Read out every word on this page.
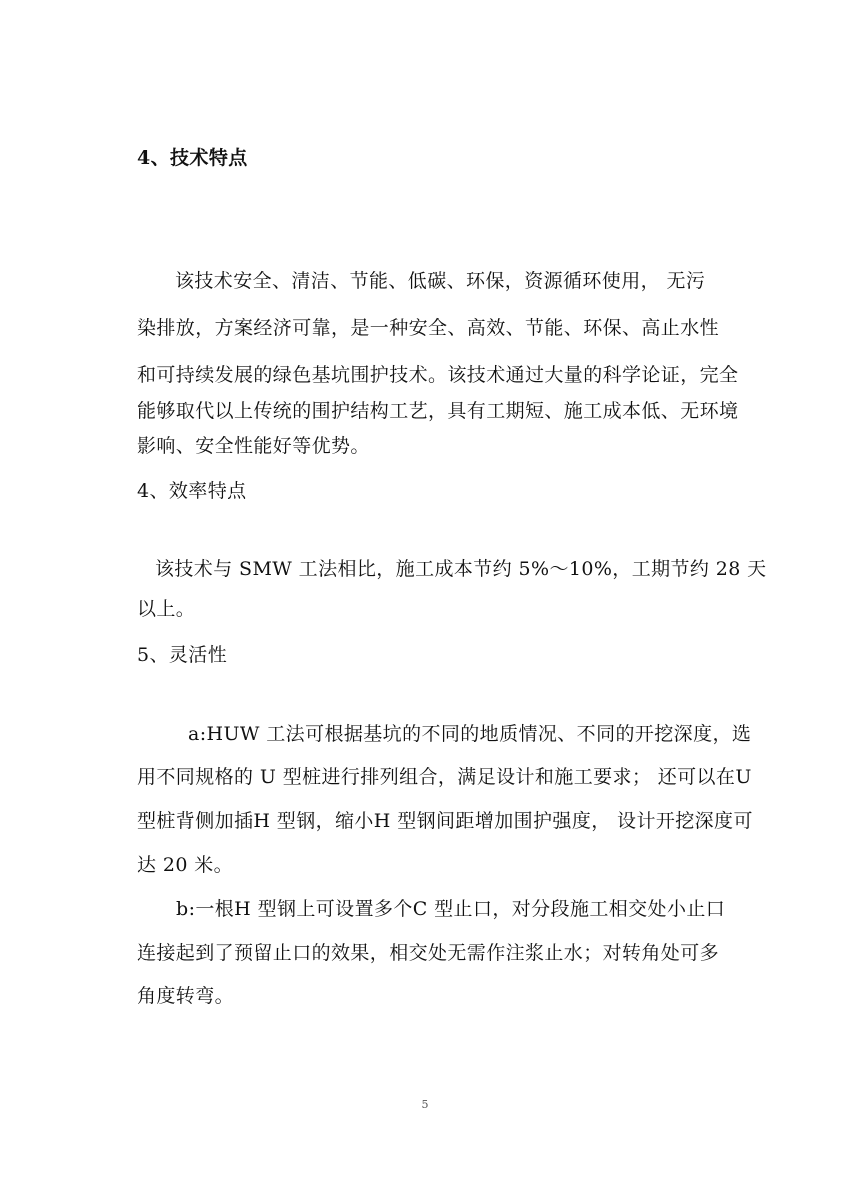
4、技术特点
该技术安全、清洁、节能、低碳、环保，资源循环使用， 无污
染排放，方案经济可靠，是一种安全、高效、节能、环保、高止水性
和可持续发展的绿色基坑围护技术。该技术通过大量的科学论证，完全
能够取代以上传统的围护结构工艺，具有工期短、施工成本低、无环境
影响、安全性能好等优势。
4、效率特点
该技术与 SMW 工法相比，施工成本节约 5%～10%，工期节约 28 天
以上。
5、灵活性
a:HUW 工法可根据基坑的不同的地质情况、不同的开挖深度，选
用不同规格的 U 型桩进行排列组合，满足设计和施工要求； 还可以在U
型桩背侧加插H 型钢，缩小H 型钢间距增加围护强度， 设计开挖深度可
达 20 米。
b:一根H 型钢上可设置多个C 型止口，对分段施工相交处小止口
连接起到了预留止口的效果，相交处无需作注浆止水；对转角处可多
角度转弯。
5
